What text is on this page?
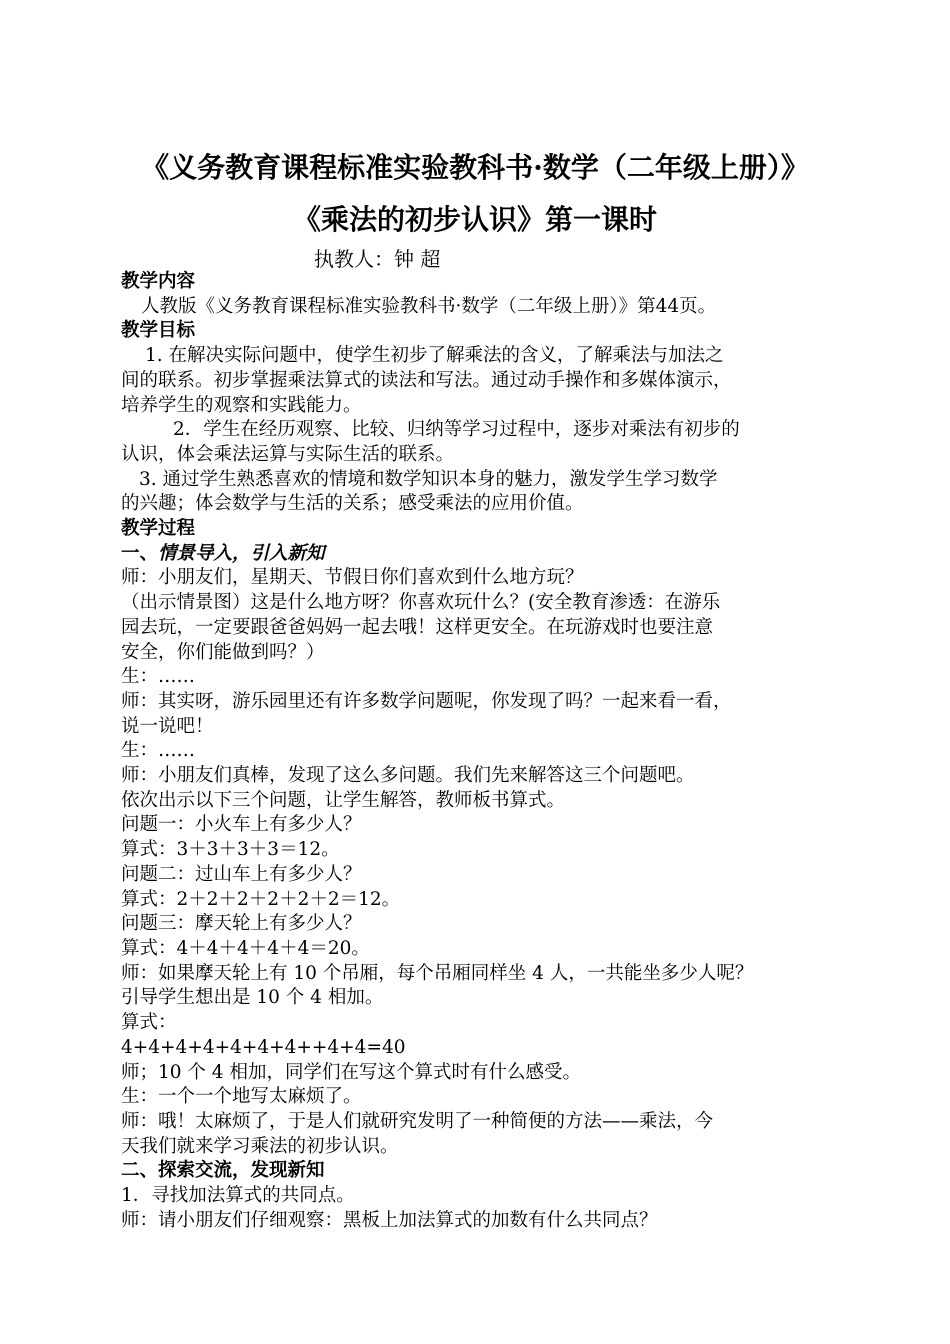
《义务教育课程标准实验教科书·数学（二年级上册）》
《乘法的初步认识》第一课时
执教人：钟 超

教学内容

人教版《义务教育课程标准实验教科书·数学（二年级上册）》第44页。

教学目标

1. 在解决实际问题中，使学生初步了解乘法的含义，了解乘法与加法之

间的联系。初步掌握乘法算式的读法和写法。通过动手操作和多媒体演示，

培养学生的观察和实践能力。

2．学生在经历观察、比较、归纳等学习过程中，逐步对乘法有初步的

认识，体会乘法运算与实际生活的联系。

3. 通过学生熟悉喜欢的情境和数学知识本身的魅力，激发学生学习数学

的兴趣；体会数学与生活的关系；感受乘法的应用价值。

教学过程

一、情景导入，引入新知

师：小朋友们，星期天、节假日你们喜欢到什么地方玩？

（出示情景图）这是什么地方呀？你喜欢玩什么？(安全教育渗透：在游乐

园去玩，一定要跟爸爸妈妈一起去哦！这样更安全。在玩游戏时也要注意

安全，你们能做到吗？）

生：……

师：其实呀，游乐园里还有许多数学问题呢，你发现了吗？一起来看一看，

说一说吧！

生：……

师：小朋友们真棒，发现了这么多问题。我们先来解答这三个问题吧。

依次出示以下三个问题，让学生解答，教师板书算式。

问题一：小火车上有多少人？

算式：3＋3＋3＋3＝12。

问题二：过山车上有多少人？

算式：2＋2＋2＋2＋2＋2＝12。

问题三：摩天轮上有多少人？

算式：4＋4＋4＋4＋4＝20。

师：如果摩天轮上有 10 个吊厢，每个吊厢同样坐 4 人，一共能坐多少人呢？

引导学生想出是 10 个 4 相加。

算式：

4+4+4+4+4+4+4++4+4=40

师；10 个 4 相加，同学们在写这个算式时有什么感受。

生：一个一个地写太麻烦了。

师：哦！太麻烦了，于是人们就研究发明了一种简便的方法——乘法，今

天我们就来学习乘法的初步认识。

二、探索交流，发现新知

1．寻找加法算式的共同点。

师：请小朋友们仔细观察：黑板上加法算式的加数有什么共同点？
